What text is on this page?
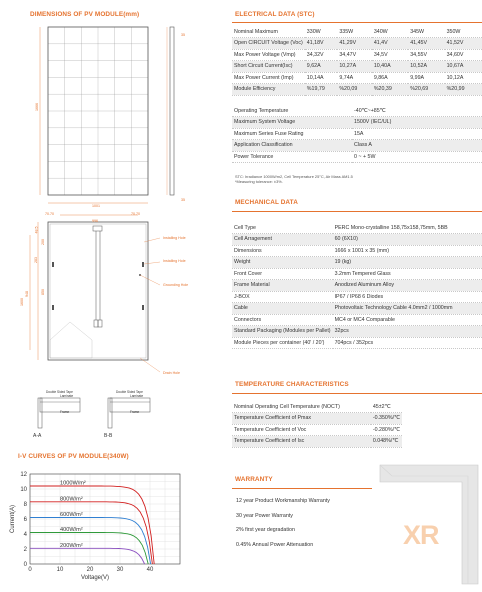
DIMENSIONS OF PV MODULE(mm)
1666
1001
35
35
70.70	70.70
996
48.5
200
283
850
948
1600
Installing Hole
Installing Hole
Grounding Hole
Drain Hole
Double Sided Tape
Laminate
Frame
Double Sided Tape
Laminate
Frame
A-A	B-B
I-V CURVES OF PV MODULE(340W)
0	10	20	30	40
0
2
4
6
8
10
12
Voltage(V)
Current(A)
1000W/m²
800W/m²
600W/m²
400W/m²
200W/m²
ELECTRICAL DATA (STC)
Nominal Maximum	330W	335W	340W	345W	350W
Open CIRCUIT Voltage (Voc)	41,18V	41,29V	41,4V	41,45V	41,52V
Max Power Voltage (Vmp)	34,32V	34,47V	34,5V	34,55V	34,60V
Short Circuit Current(Isc)	9,62A	10,27A	10,40A	10,52A	10,67A
Max Power Current (Imp)	10,14A	9,74A	9,86A	9,99A	10,12A
Module Efficiency	%19,79	%20,09	%20,39	%20,69	%20,99
Operating Temperature	-40℃~+85℃
Maximum System Voltage	1500V (IEC/UL)
Maximum Series Fuse Rating	15A
Application Classification	Class A
Power Tolerance	0 ~ + 5W
STC: Irradiance 1000W/m2, Cell Temperature 25°C, Air Mass AM1.5
*Measuring tolerance: ±3%.
MECHANICAL DATA
Cell Type	PERC Mono-crystalline 158,75x158,75mm, 5BB
Cell Arragement	60 (6X10)
Dimensions	1666 x 1001 x 35 (mm)
Weight	19 (kg)
Front Cover	3.2mm Tempered Glass
Frame Material	Anodized Aluminum Alloy
J-BOX	IP67 / IP68 6 Diodes
Cable	Photovoltaic Technology Cable 4.0mm2 / 1000mm
Connectors	MC4 or MC4 Comparable
Standard Packaging (Modules per Pallet)	32pcs
Module Pieces per container (40' / 20')	704pcs / 352pcs
TEMPERATURE CHARACTERISTICS
Nominal Operating Cell Temperature (NOCT)	45±2℃
Temperature Coefficient of Pmax	-0.350%/℃
Temperature Coefficient of Voc	-0.280%/℃
Temperature Coefficient of Isc	0.048%/℃
WARRANTY
12 year Product Workmanship Warranty
30 year Power Warranty
2% first year degradation
0.45% Annual Power Attenuation	XR
